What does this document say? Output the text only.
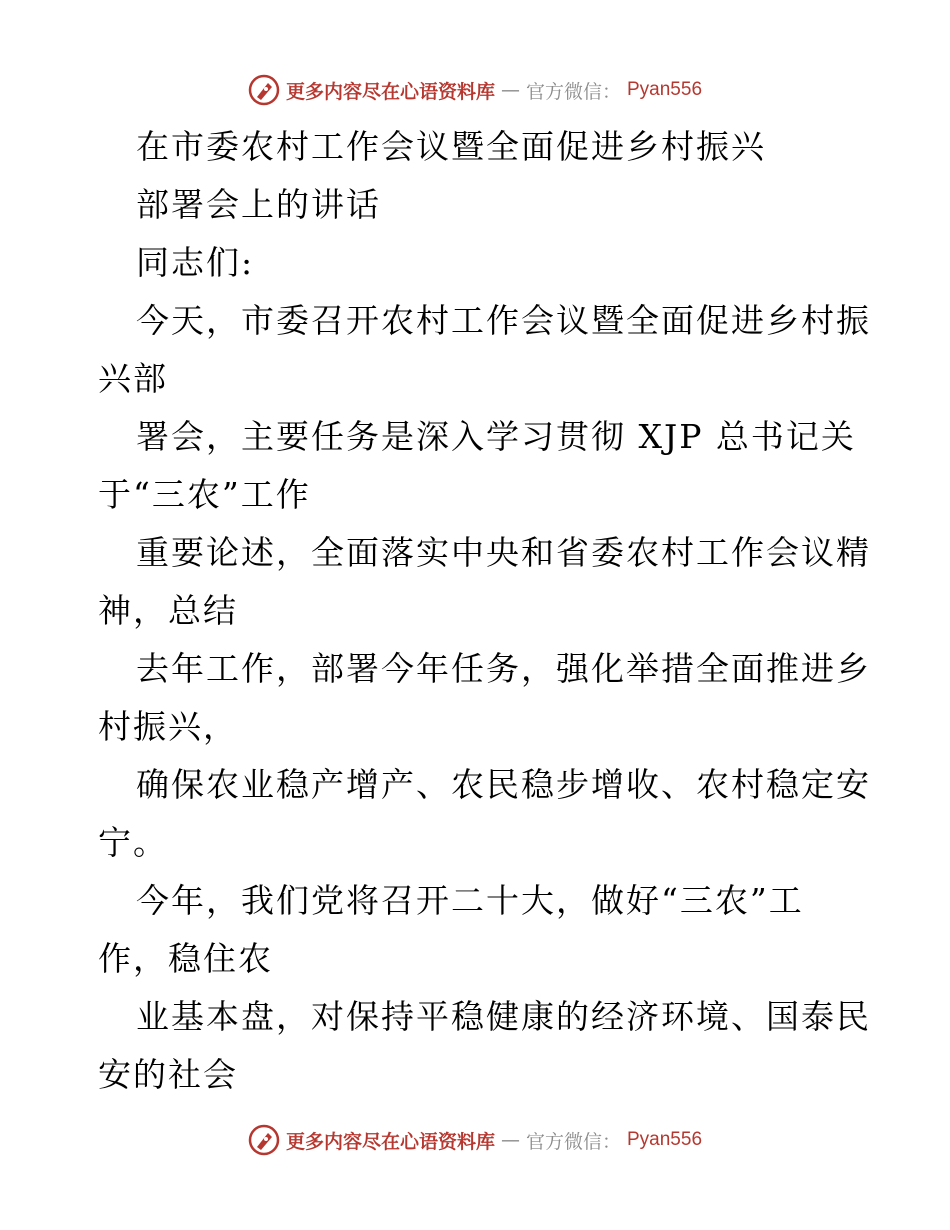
更多内容尽在心语资料库 — 官方微信： Pyan556
在市委农村工作会议暨全面促进乡村振兴
部署会上的讲话
同志们:
今天，市委召开农村工作会议暨全面促进乡村振
兴部
署会，主要任务是深入学习贯彻 XJP 总书记关
于“三农”工作
重要论述，全面落实中央和省委农村工作会议精
神，总结
去年工作，部署今年任务，强化举措全面推进乡
村振兴，
确保农业稳产增产、农民稳步增收、农村稳定安
宁。
今年，我们党将召开二十大，做好“三农”工
作，稳住农
业基本盘，对保持平稳健康的经济环境、国泰民
安的社会
更多内容尽在心语资料库 — 官方微信： Pyan556
